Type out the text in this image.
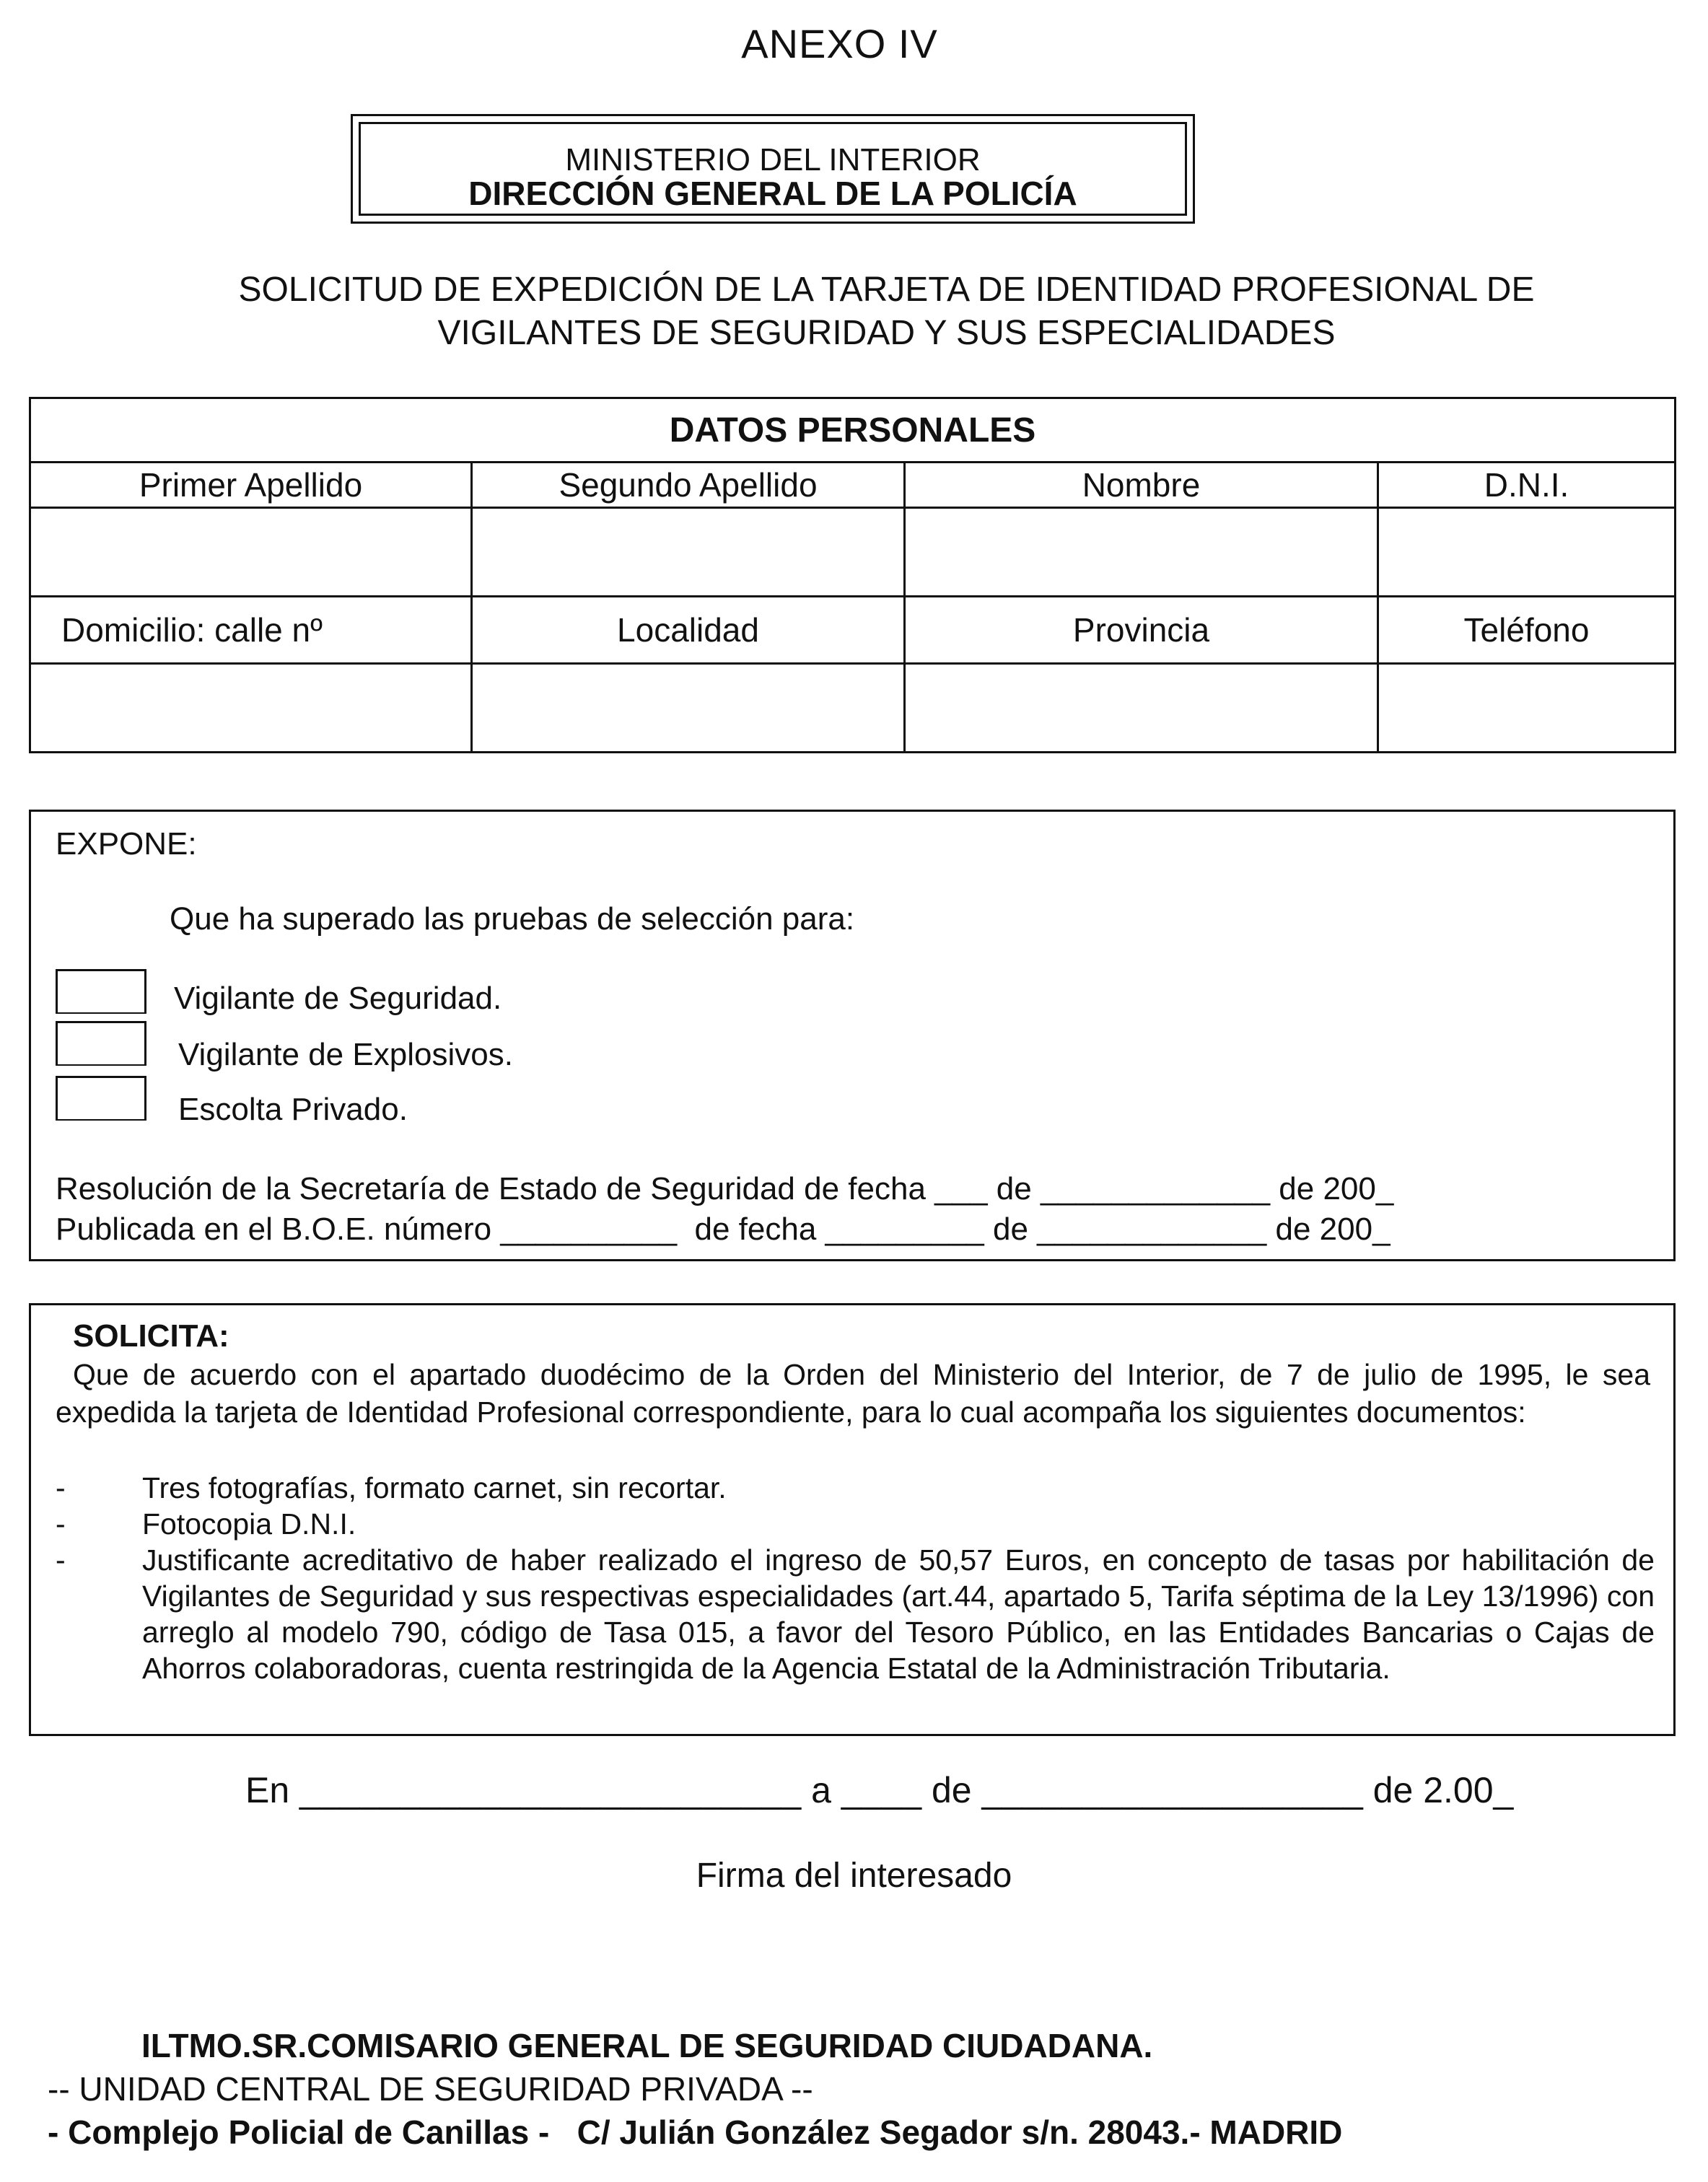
ANEXO IV
MINISTERIO DEL INTERIOR
DIRECCIÓN GENERAL DE LA POLICÍA
SOLICITUD DE EXPEDICIÓN DE LA TARJETA DE IDENTIDAD PROFESIONAL DE
VIGILANTES DE SEGURIDAD Y SUS ESPECIALIDADES
DATOS PERSONALES			
Primer Apellido	Segundo Apellido	Nombre	D.N.I.

Domicilio: calle nº	Localidad	Provincia	Teléfono

EXPONE:
Que ha superado las pruebas de selección para:
Vigilante de Seguridad.
Vigilante de Explosivos.
Escolta Privado.
Resolución de la Secretaría de Estado de Seguridad de fecha ___ de _____________ de 200_
Publicada en el B.O.E. número __________  de fecha _________ de _____________ de 200_
SOLICITA:
Que de acuerdo con el apartado duodécimo de la Orden del Ministerio del Interior, de 7 de julio de 1995, le sea expedida la tarjeta de Identidad Profesional correspondiente, para lo cual acompaña los siguientes documentos:
-	Tres fotografías, formato carnet, sin recortar.
-	Fotocopia D.N.I.
-	Justificante acreditativo de haber realizado el ingreso de 50,57 Euros, en concepto de tasas por habilitación de Vigilantes de Seguridad y sus respectivas especialidades (art.44, apartado 5, Tarifa séptima de la Ley 13/1996) con arreglo al modelo 790, código de Tasa 015, a favor del Tesoro Público, en las Entidades Bancarias o Cajas de Ahorros colaboradoras, cuenta restringida de la Agencia Estatal de la Administración Tributaria.
En _________________________ a ____ de ___________________ de 2.00_
Firma del interesado
ILTMO.SR.COMISARIO GENERAL DE SEGURIDAD CIUDADANA.
-- UNIDAD CENTRAL DE SEGURIDAD PRIVADA --
- Complejo Policial de Canillas -   C/ Julián González Segador s/n. 28043.- MADRID
